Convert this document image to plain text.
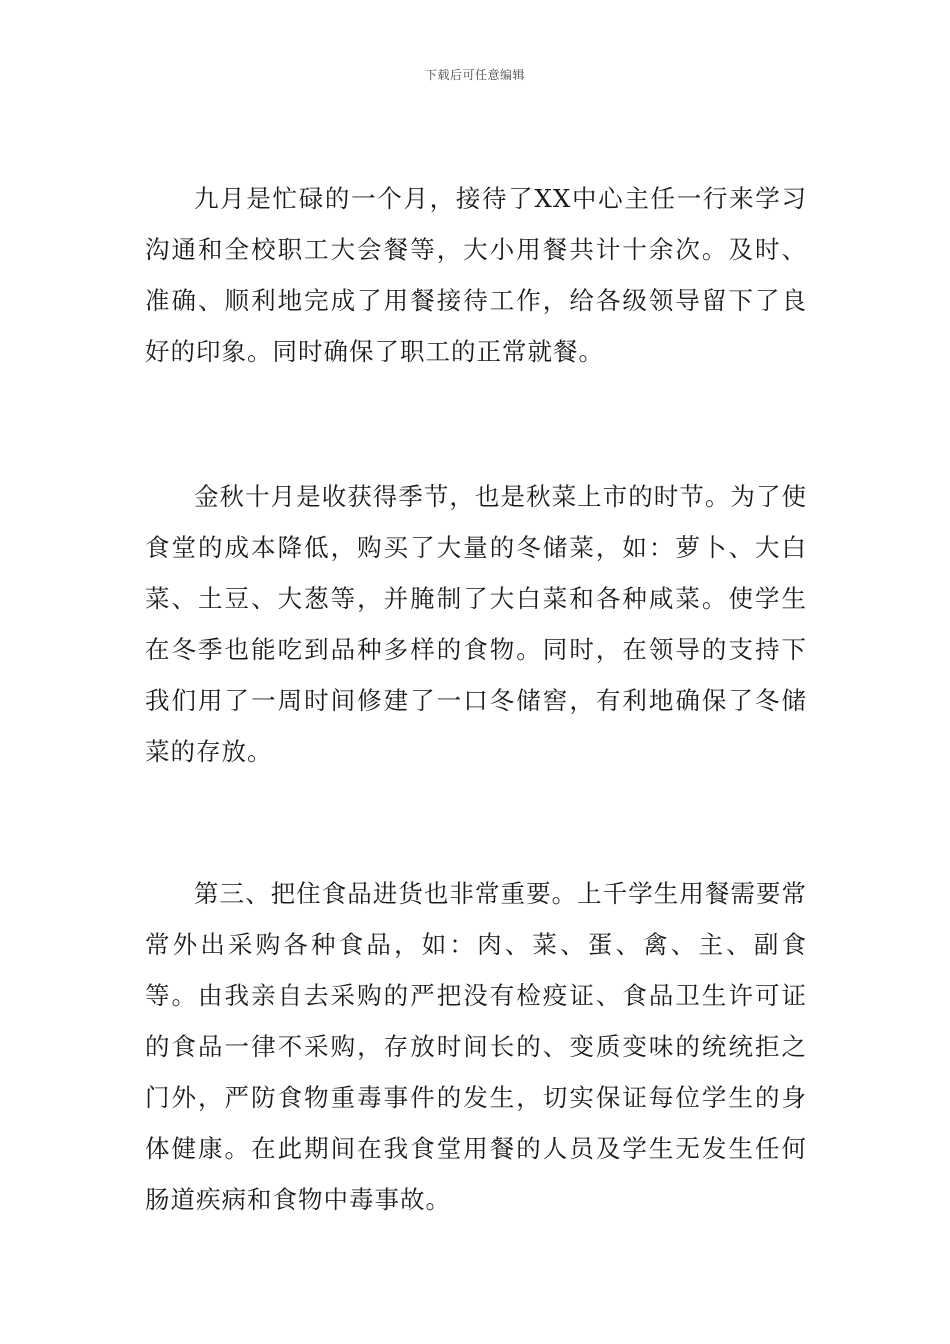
下载后可任意编辑

九月是忙碌的一个月，接待了XX中心主任一行来学习沟通和全校职工大会餐等，大小用餐共计十余次。及时、准确、顺利地完成了用餐接待工作，给各级领导留下了良好的印象。同时确保了职工的正常就餐。

金秋十月是收获得季节，也是秋菜上市的时节。为了使食堂的成本降低，购买了大量的冬储菜，如：萝卜、大白菜、土豆、大葱等，并腌制了大白菜和各种咸菜。使学生在冬季也能吃到品种多样的食物。同时，在领导的支持下我们用了一周时间修建了一口冬储窖，有利地确保了冬储菜的存放。

第三、把住食品进货也非常重要。上千学生用餐需要常常外出采购各种食品，如：肉、菜、蛋、禽、主、副食等。由我亲自去采购的严把没有检疫证、食品卫生许可证的食品一律不采购，存放时间长的、变质变味的统统拒之门外，严防食物重毒事件的发生，切实保证每位学生的身体健康。在此期间在我食堂用餐的人员及学生无发生任何肠道疾病和食物中毒事故。
